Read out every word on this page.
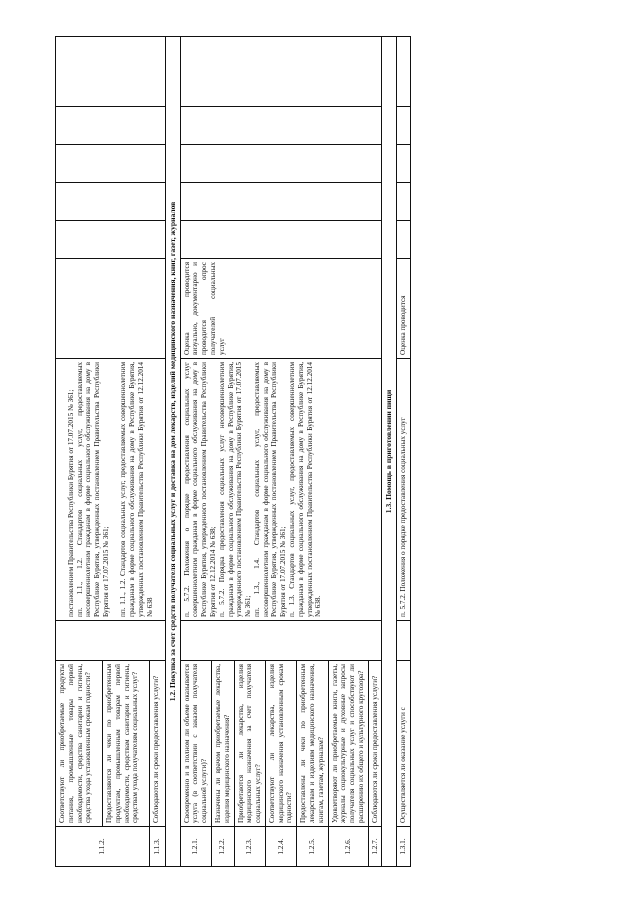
1.1.2.	Соответствуют ли приобретаемые продукты питания, промышленные товары первой необходимости, средства санитарии и гигиены, средства ухода установленным срокам годности?		постановлением Правительства Республики Бурятия от 17.07.2015 № 361;
пп. 1.1., 1.2. Стандартов социальных услуг, предоставляемых несовершеннолетним гражданам в форме социального обслуживания на дому в Республике Бурятия, утвержденных постановлением Правительства Республики Бурятия от 17.07.2015 № 361; пп. 1.1., 1.2. Стандартов социальных услуг, предоставляемых совершеннолетним гражданам в форме социального обслуживания на дому в Республике Бурятия, утвержденных постановлением Правительства Республики Бурятия от 12.12.2014 № 638						

	Предоставляются ли чеки по приобретенным продуктам, промышленным товарам первой необходимости, средствам санитарии и гигиены, средствам ухода получателям социальных услуг?								
1.1.3.	Соблюдаются ли сроки предоставления услуги?								
1.2. Покупка за счет средств получателя социальных услуг и доставка на дом лекарств, изделий медицинского назначения, книг, газет, журналов									
1.2.1.	Своевременно и в полном ли объеме оказывается услуга (в соответствии с заказом получателя социальной услуги)?		п. 5.7.2. Положения о порядке предоставления социальных услуг совершеннолетним гражданам в форме социального обслуживания на дому в Республике Бурятия, утвержденного постановлением Правительства Республики Бурятия от 12.12.2014 № 638;
п. 5.7.2. Порядка предоставления социальных услуг несовершеннолетним гражданам в форме социального обслуживания на дому в Республике Бурятия, утвержденного постановлением Правительства Республики Бурятия от 17.07.2015 № 361;
пп. 1.3., 1.4. Стандартов социальных услуг, предоставляемых несовершеннолетним гражданам в форме социального обслуживания на дому в Республике Бурятия, утвержденных постановлением Правительства Республики Бурятия от 17.07.2015 № 361;
п. 1.3. Стандартов социальных услуг, предоставляемых совершеннолетним гражданам в форме социального обслуживания на дому в Республике Бурятия, утвержденных постановлением Правительства Республики Бурятия от 12.12.2014 № 638.	Оценка проводится визуально, документарно и проводится опрос получателей социальных услуг					
1.2.2.	Назначены ли врачом приобретаемые лекарства, изделия медицинского назначения?								
1.2.3.	Приобретаются ли лекарства, изделия медицинского назначения за счет получателя социальных услуг?								
1.2.4.	Соответствуют ли лекарства, изделия медицинского назначения установленным срокам годности?								
1.2.5.	Предоставлены ли чеки по приобретенным лекарствам и изделиям медицинского назначения, книгам, газетам, журналам?								
1.2.6.	Удовлетворяют ли приобретаемые книги, газеты, журналы социокультурные и духовные запросы получателя социальных услуг и способствуют ли расширению их общего и культурного кругозора?								
1.2.7.	Соблюдаются ли сроки предоставления услуги?								
1.3. Помощь в приготовлении пищи									
1.3.1.	Осуществляется ли оказание услуги с		п. 5.7.2. Положения о порядке предоставления социальных услуг	Оценка проводится					
